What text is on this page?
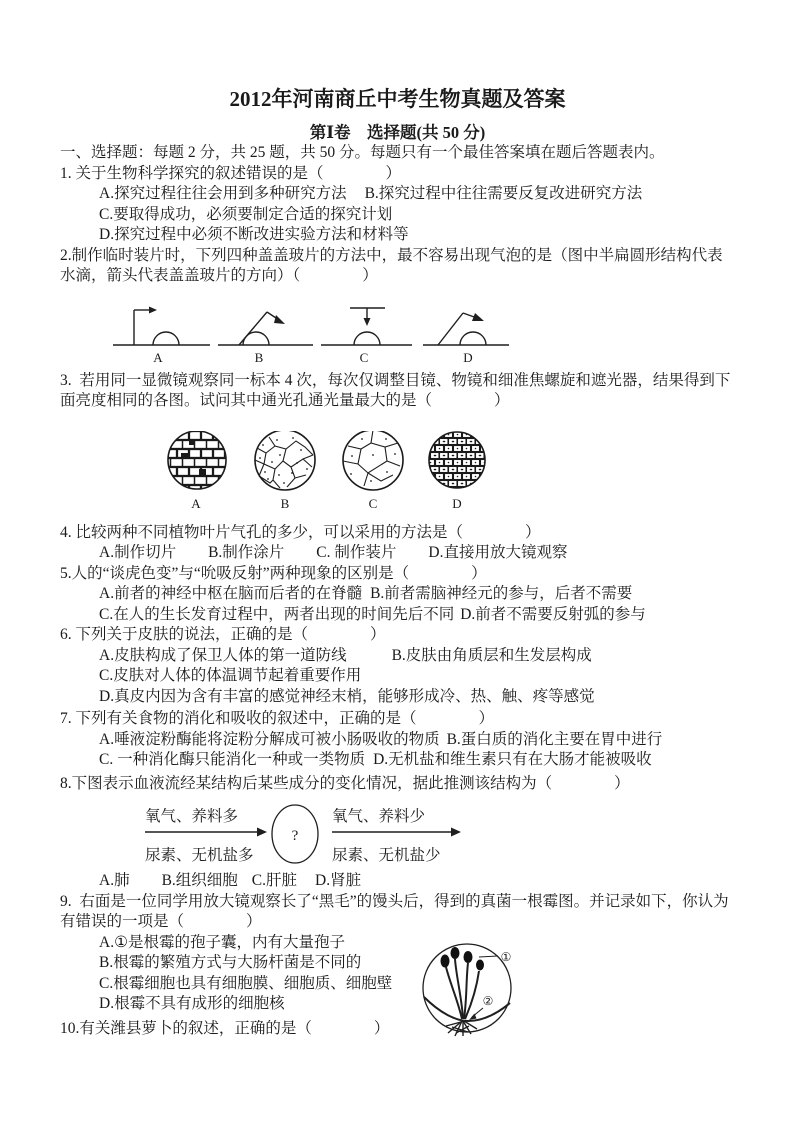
2012年河南商丘中考生物真题及答案
第Ⅰ卷　选择题(共 50 分)
一、选择题：每题 2 分，共 25 题，共 50 分。每题只有一个最佳答案填在题后答题表内。
1. 关于生物科学探究的叙述错误的是（　　　　）
A.探究过程往往会用到多种研究方法 B.探究过程中往往需要反复改进研究方法
C.要取得成功，必须要制定合适的探究计划
D.探究过程中必须不断改进实验方法和材料等
2.制作临时装片时，下列四种盖盖玻片的方法中，最不容易出现气泡的是（图中半扁圆形结构代表水滴，箭头代表盖盖玻片的方向）（　　　　）
A	B	C	D
3.  若用同一显微镜观察同一标本 4 次，每次仅调整目镜、物镜和细准焦螺旋和遮光器，结果得到下面亮度相同的各图。试问其中通光孔通光量最大的是（　　　　）
A	B	C	D
4. 比较两种不同植物叶片气孔的多少，可以采用的方法是（　　　　）
A.制作切片 B.制作涂片 C. 制作装片 D.直接用放大镜观察
5.人的“谈虎色变”与“吮吸反射”两种现象的区别是（　　　　）
A.前者的神经中枢在脑而后者的在脊髓 B.前者需脑神经元的参与，后者不需要
C.在人的生长发育过程中，两者出现的时间先后不同 D.前者不需要反射弧的参与
6. 下列关于皮肤的说法，正确的是（　　　　）
A.皮肤构成了保卫人体的第一道防线	B.皮肤由角质层和生发层构成
C.皮肤对人体的体温调节起着重要作用
D.真皮内因为含有丰富的感觉神经末梢，能够形成冷、热、触、疼等感觉
7. 下列有关食物的消化和吸收的叙述中，正确的是（　　　　）
A.唾液淀粉酶能将淀粉分解成可被小肠吸收的物质 B.蛋白质的消化主要在胃中进行
C. 一种消化酶只能消化一种或一类物质 D.无机盐和维生素只有在大肠才能被吸收
8.下图表示血液流经某结构后某些成分的变化情况，据此推测该结构为（　　　　）
氧气、养料多
尿素、无机盐多
?
氧气、养料少
尿素、无机盐少
A.肺 B.组织细胞 C.肝脏 D.肾脏
9.  右面是一位同学用放大镜观察长了“黑毛”的馒头后，得到的真菌一根霉图。并记录如下，你认为有错误的一项是（　　　　）
A.①是根霉的孢子囊，内有大量孢子
B.根霉的繁殖方式与大肠杆菌是不同的
C.根霉细胞也具有细胞膜、细胞质、细胞壁
D.根霉不具有成形的细胞核
①
②
10.有关潍县萝卜的叙述，正确的是（　　　　）
